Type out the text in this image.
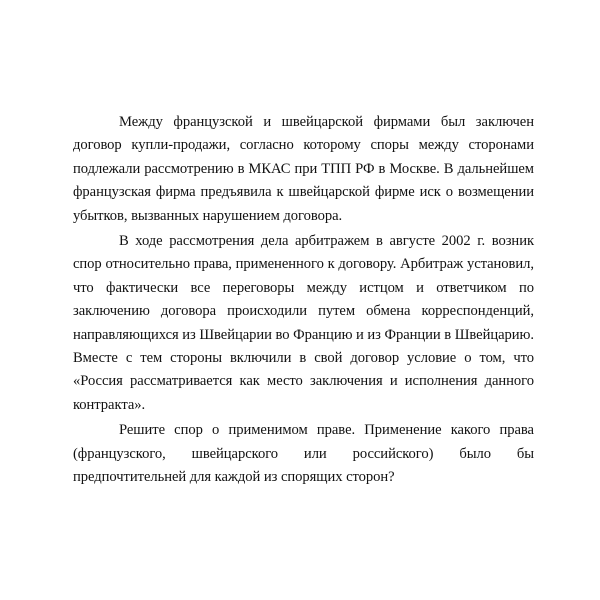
Между французской и швейцарской фирмами был заключен договор купли-продажи, согласно которому споры между сторонами подлежали рассмотрению в МКАС при ТПП РФ в Москве. В дальнейшем французская фирма предъявила к швейцарской фирме иск о возмещении убытков, вызванных нарушением договора.

В ходе рассмотрения дела арбитражем в августе 2002 г. возник спор относительно права, примененного к договору. Арбитраж установил, что фактически все переговоры между истцом и ответчиком по заключению договора происходили путем обмена корреспонденций, направляющихся из Швейцарии во Францию и из Франции в Швейцарию. Вместе с тем стороны включили в свой договор условие о том, что «Россия рассматривается как место заключения и исполнения данного контракта».

Решите спор о применимом праве. Применение какого права (французского, швейцарского или российского) было бы предпочтительней для каждой из спорящих сторон?
